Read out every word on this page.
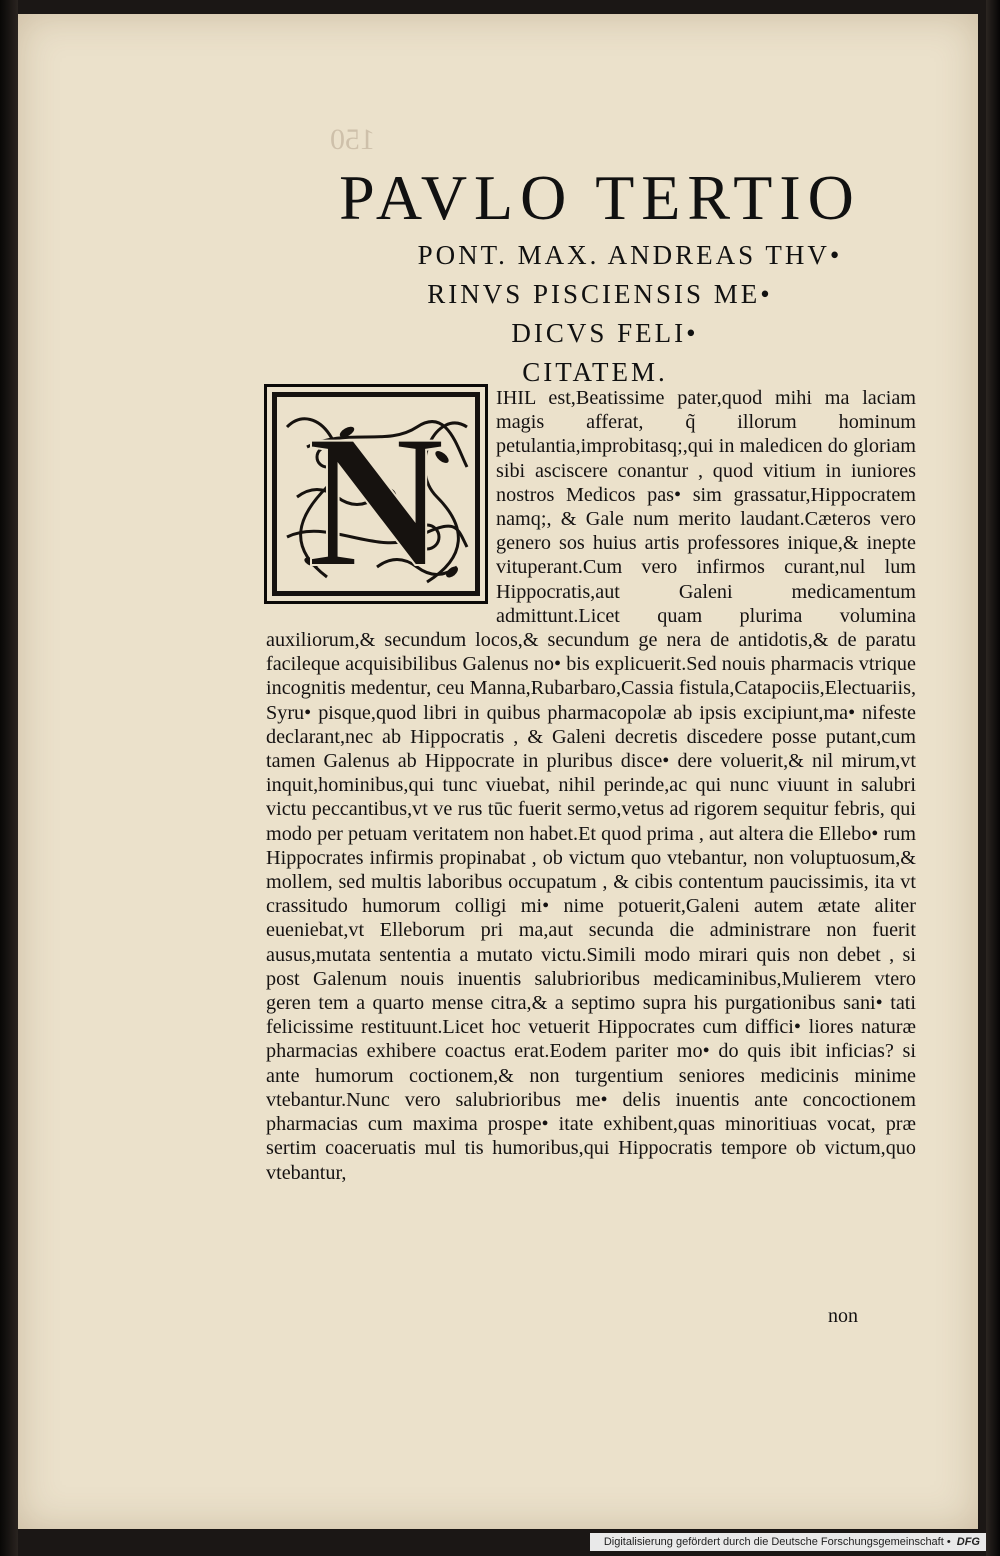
150

PAVLO TERTIO

PONT. MAX. ANDREAS THV•

RINVS PISCIENSIS ME•

DICVS FELI•

CITATEM.

N	IHIL est,Beatissime pater,quod mihi ma laciam magis afferat, q̃ illorum hominum petulantia,improbitasq;,qui in maledicen do gloriam sibi asciscere conantur , quod vitium in iuniores nostros Medicos pas• sim grassatur,Hippocratem namq;, & Gale num merito laudant.Cæteros vero genero sos huius artis professores inique,& inepte vituperant.Cum vero infirmos curant,nul lum Hippocratis,aut Galeni medicamentum admittunt.Licet quam plurima volumina auxiliorum,& secundum locos,& secundum ge nera de antidotis,& de paratu facileque acquisibilibus Galenus no• bis explicuerit.Sed nouis pharmacis vtrique incognitis medentur, ceu Manna,Rubarbaro,Cassia fistula,Catapociis,Electuariis, Syru• pisque,quod libri in quibus pharmacopolæ ab ipsis excipiunt,ma• nifeste declarant,nec ab Hippocratis , & Galeni decretis discedere posse putant,cum tamen Galenus ab Hippocrate in pluribus disce• dere voluerit,& nil mirum,vt inquit,hominibus,qui tunc viuebat, nihil perinde,ac qui nunc viuunt in salubri victu peccantibus,vt ve rus tūc fuerit sermo,vetus ad rigorem sequitur febris, qui modo per petuam veritatem non habet.Et quod prima , aut altera die Ellebo• rum Hippocrates infirmis propinabat , ob victum quo vtebantur, non voluptuosum,& mollem, sed multis laboribus occupatum , & cibis contentum paucissimis, ita vt crassitudo humorum colligi mi• nime potuerit,Galeni autem ætate aliter eueniebat,vt Elleborum pri ma,aut secunda die administrare non fuerit ausus,mutata sententia a mutato victu.Simili modo mirari quis non debet , si post Galenum nouis inuentis salubrioribus medicaminibus,Mulierem vtero geren tem a quarto mense citra,& a septimo supra his purgationibus sani• tati felicissime restituunt.Licet hoc vetuerit Hippocrates cum diffici• liores naturæ pharmacias exhibere coactus erat.Eodem pariter mo• do quis ibit inficias? si ante humorum coctionem,& non turgentium seniores medicinis minime vtebantur.Nunc vero salubrioribus me• delis inuentis ante concoctionem pharmacias cum maxima prospe• itate exhibent,quas minoritiuas vocat, præ sertim coaceruatis mul tis humoribus,qui Hippocratis tempore ob victum,quo vtebantur,

non

Digitalisierung gefördert durch die Deutsche Forschungsgemeinschaft • DFG
